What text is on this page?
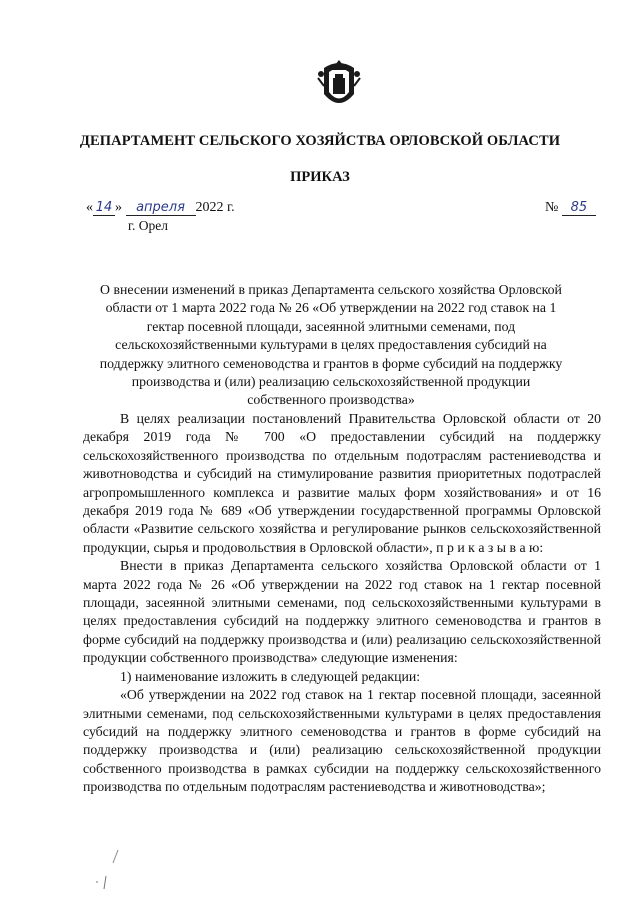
ДЕПАРТАМЕНТ СЕЛЬСКОГО ХОЗЯЙСТВА ОРЛОВСКОЙ ОБЛАСТИ
ПРИКАЗ
« 14 » апреля 2022 г.	№ 85
г. Орел
О внесении изменений в приказ Департамента сельского хозяйства Орловской области от 1 марта 2022 года № 26 «Об утверждении на 2022 год ставок на 1 гектар посевной площади, засеянной элитными семенами, под сельскохозяйственными культурами в целях предоставления субсидий на поддержку элитного семеноводства и грантов в форме субсидий на поддержку производства и (или) реализацию сельскохозяйственной продукции собственного производства»

В целях реализации постановлений Правительства Орловской области от 20 декабря 2019 года № 700 «О предоставлении субсидий на поддержку сельскохозяйственного производства по отдельным подотраслям растениеводства и животноводства и субсидий на стимулирование развития приоритетных подотраслей агропромышленного комплекса и развитие малых форм хозяйствования» и от 16 декабря 2019 года № 689 «Об утверждении государственной программы Орловской области «Развитие сельского хозяйства и регулирование рынков сельскохозяйственной продукции, сырья и продовольствия в Орловской области», п р и к а з ы в а ю:

Внести в приказ Департамента сельского хозяйства Орловской области от 1 марта 2022 года № 26 «Об утверждении на 2022 год ставок на 1 гектар посевной площади, засеянной элитными семенами, под сельскохозяйственными культурами в целях предоставления субсидий на поддержку элитного семеноводства и грантов в форме субсидий на поддержку производства и (или) реализацию сельскохозяйственной продукции собственного производства» следующие изменения:

1) наименование изложить в следующей редакции:

«Об утверждении на 2022 год ставок на 1 гектар посевной площади, засеянной элитными семенами, под сельскохозяйственными культурами в целях предоставления субсидий на поддержку элитного семеноводства и грантов в форме субсидий на поддержку производства и (или) реализацию сельскохозяйственной продукции собственного производства в рамках субсидии на поддержку сельскохозяйственного производства по отдельным подотраслям растениеводства и животноводства»;
